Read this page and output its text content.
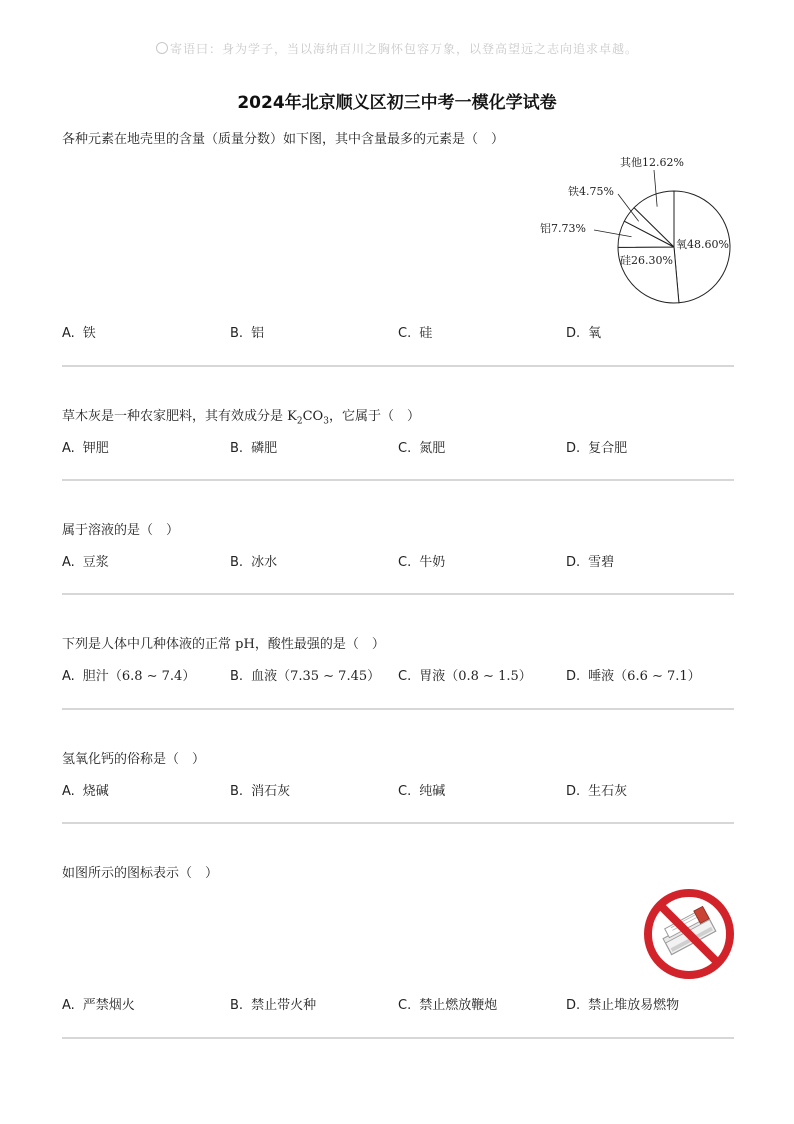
寄语曰：身为学子，当以海纳百川之胸怀包容万象，以登高望远之志向追求卓越。
2024年北京顺义区初三中考一模化学试卷
各种元素在地壳里的含量（质量分数）如下图，其中含量最多的元素是（　）
氧48.60%
硅26.30%
铝7.73%
铁4.75%
其他12.62%
A. 铁	B. 铝	C. 硅	D. 氧
草木灰是一种农家肥料，其有效成分是 $K_2CO_3$，它属于（　）
A. 钾肥	B. 磷肥	C. 氮肥	D. 复合肥
属于溶液的是（　）
A. 豆浆	B. 冰水	C. 牛奶	D. 雪碧
下列是人体中几种体液的正常 pH，酸性最强的是（　）
A. 胆汁（6.8 ∼ 7.4）	B. 血液（7.35 ∼ 7.45） C. 胃液（0.8 ∼ 1.5）	D. 唾液（6.6 ∼ 7.1）
氢氧化钙的俗称是（　）
A. 烧碱	B. 消石灰	C. 纯碱	D. 生石灰
如图所示的图标表示（　）
A. 严禁烟火	B. 禁止带火种	C. 禁止燃放鞭炮	D. 禁止堆放易燃物
